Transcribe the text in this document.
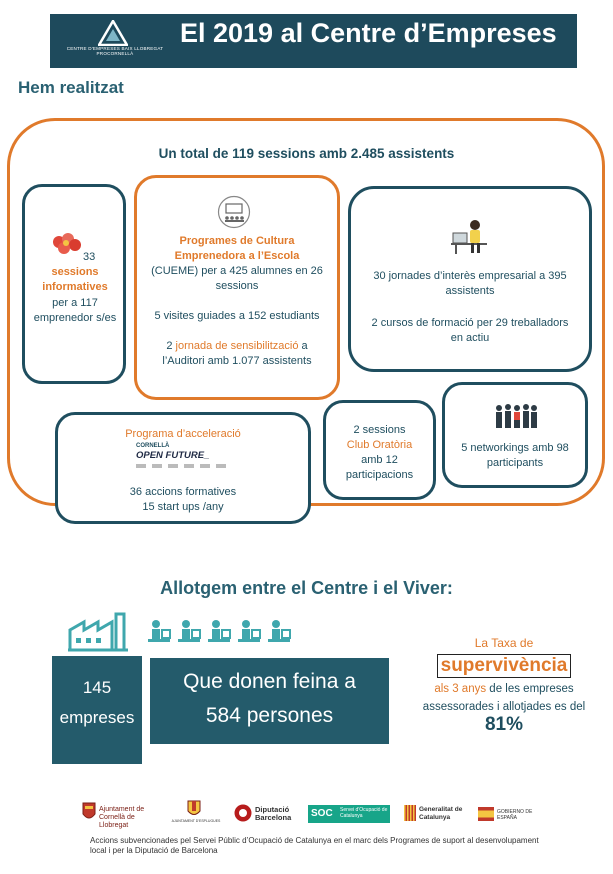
CENTRE D'EMPRESES BAIX LLOBREGAT PROCORNELLÀ
El 2019 al Centre d’Empreses
Hem realitzat
Un total de 119 sessions amb 2.485 assistents
33
sessions informatives
per a 117 emprenedor s/es
Programes de Cultura Emprenedora a l’Escola
(CUEME) per a 425 alumnes en 26 sessions
5 visites guiades a 152 estudiants
2 jornada de sensibilització a l’Auditori amb 1.077 assistents
30 jornades d’interès empresarial a 395 assistents
2 cursos de formació per 29 treballadors en actiu
Programa d’acceleració
CORNELLÀ
OPEN FUTURE_
36 accions formatives
15 start ups /any
2 sessions
Club Oratòria
amb 12 participacions
5 networkings amb 98 participants
Allotgem entre el Centre i el Viver:
145
empreses
Que donen feina a
584 persones
La Taxa de
supervivència
als 3 anys de les empreses assessorades i allotjades es del 81%
Ajuntament de Cornellà de Llobregat
AJUNTAMENT D'ESPLUGUES
Diputació Barcelona	SOC Servei d'Ocupació de Catalunya
Generalitat de Catalunya
GOBIERNO DE ESPAÑA
Accions subvencionades pel Servei Públic d’Ocupació de Catalunya en el marc dels Programes de suport al desenvolupament local i per la Diputació de Barcelona
